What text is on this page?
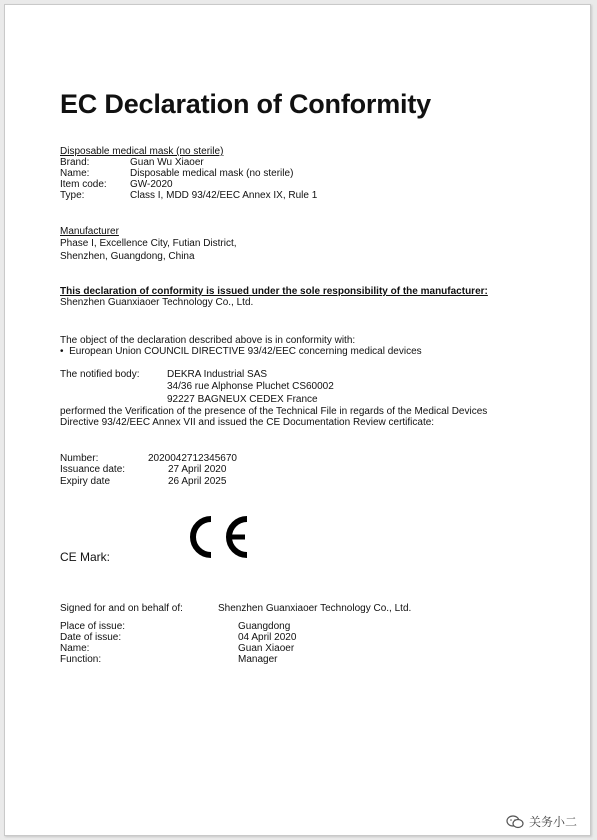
EC Declaration of Conformity
Disposable medical mask (no sterile)
Brand:	Guan Wu Xiaoer
Name:	Disposable medical mask (no sterile)
Item code: GW-2020
Type:	Class I, MDD 93/42/EEC Annex IX, Rule 1
Manufacturer
Phase I, Excellence City, Futian District,
Shenzhen, Guangdong, China
This declaration of conformity is issued under the sole responsibility of the manufacturer:
Shenzhen Guanxiaoer Technology Co., Ltd.
The object of the declaration described above is in conformity with:
•  European Union COUNCIL DIRECTIVE 93/42/EEC concerning medical devices
The notified body:	DEKRA Industrial SAS
34/36 rue Alphonse Pluchet CS60002
92227 BAGNEUX CEDEX France
performed the Verification of the presence of the Technical File in regards of the Medical Devices
Directive 93/42/EEC Annex VII and issued the CE Documentation Review certificate:
Number:	2020042712345670
Issuance date:	27 April 2020
Expiry date	26 April 2025
CE Mark:
Signed for and on behalf of:	Shenzhen Guanxiaoer Technology Co., Ltd.
Place of issue:	Guangdong
Date of issue:	04 April 2020
Name:	Guan Xiaoer
Function:	Manager
关务小二
